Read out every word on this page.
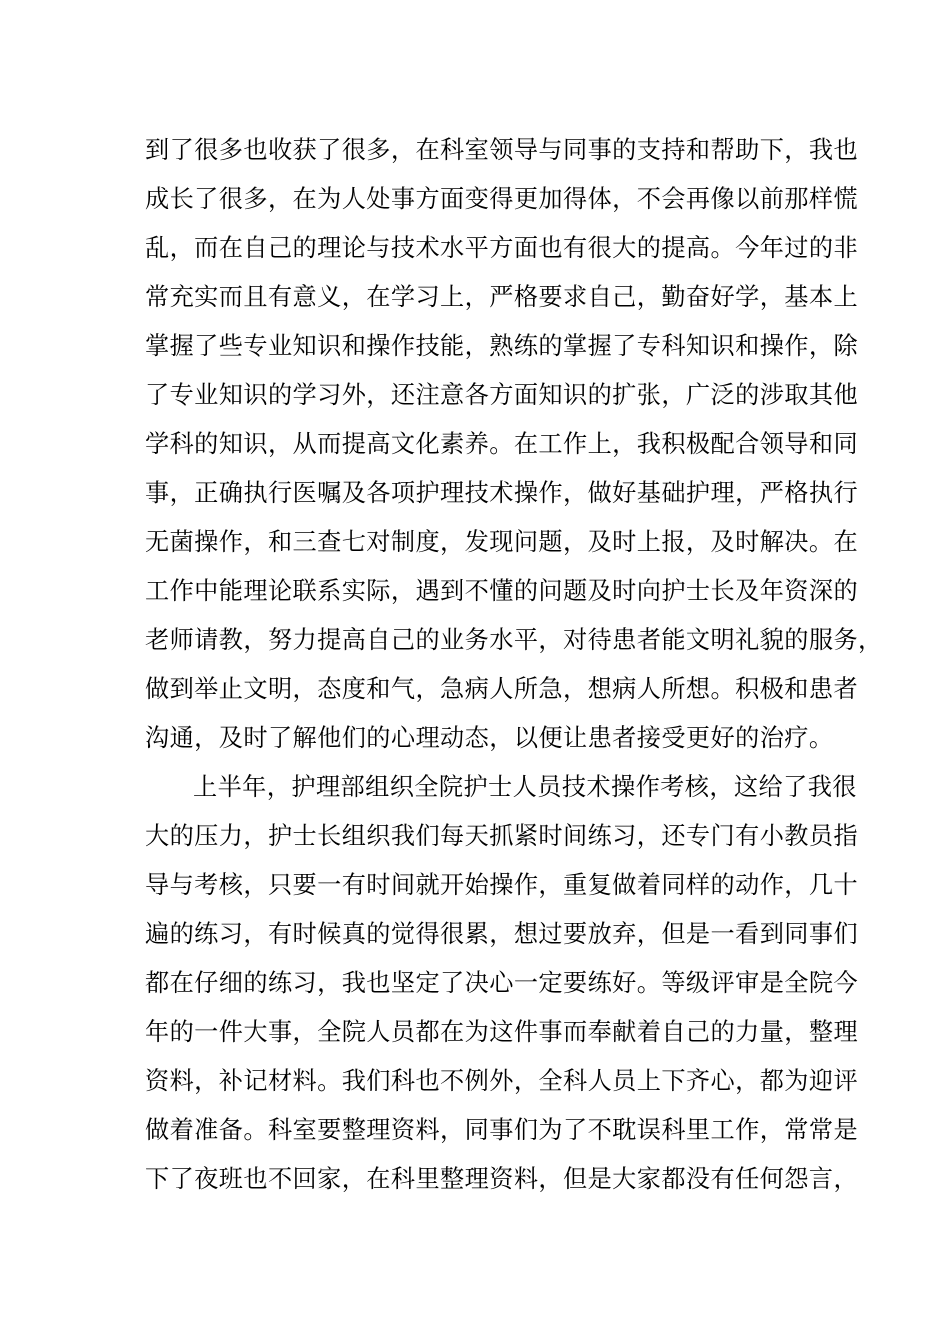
到了很多也收获了很多，在科室领导与同事的支持和帮助下，我也
成长了很多，在为人处事方面变得更加得体，不会再像以前那样慌
乱，而在自己的理论与技术水平方面也有很大的提高。今年过的非
常充实而且有意义，在学习上，严格要求自己，勤奋好学，基本上
掌握了些专业知识和操作技能，熟练的掌握了专科知识和操作，除
了专业知识的学习外，还注意各方面知识的扩张，广泛的涉取其他
学科的知识，从而提高文化素养。在工作上，我积极配合领导和同
事，正确执行医嘱及各项护理技术操作，做好基础护理，严格执行
无菌操作，和三查七对制度，发现问题，及时上报，及时解决。在
工作中能理论联系实际，遇到不懂的问题及时向护士长及年资深的
老师请教，努力提高自己的业务水平，对待患者能文明礼貌的服务，
做到举止文明，态度和气，急病人所急，想病人所想。积极和患者
沟通，及时了解他们的心理动态，以便让患者接受更好的治疗。
上半年，护理部组织全院护士人员技术操作考核，这给了我很
大的压力，护士长组织我们每天抓紧时间练习，还专门有小教员指
导与考核，只要一有时间就开始操作，重复做着同样的动作，几十
遍的练习，有时候真的觉得很累，想过要放弃，但是一看到同事们
都在仔细的练习，我也坚定了决心一定要练好。等级评审是全院今
年的一件大事，全院人员都在为这件事而奉献着自己的力量，整理
资料，补记材料。我们科也不例外，全科人员上下齐心，都为迎评
做着准备。科室要整理资料，同事们为了不耽误科里工作，常常是
下了夜班也不回家，在科里整理资料，但是大家都没有任何怨言，
